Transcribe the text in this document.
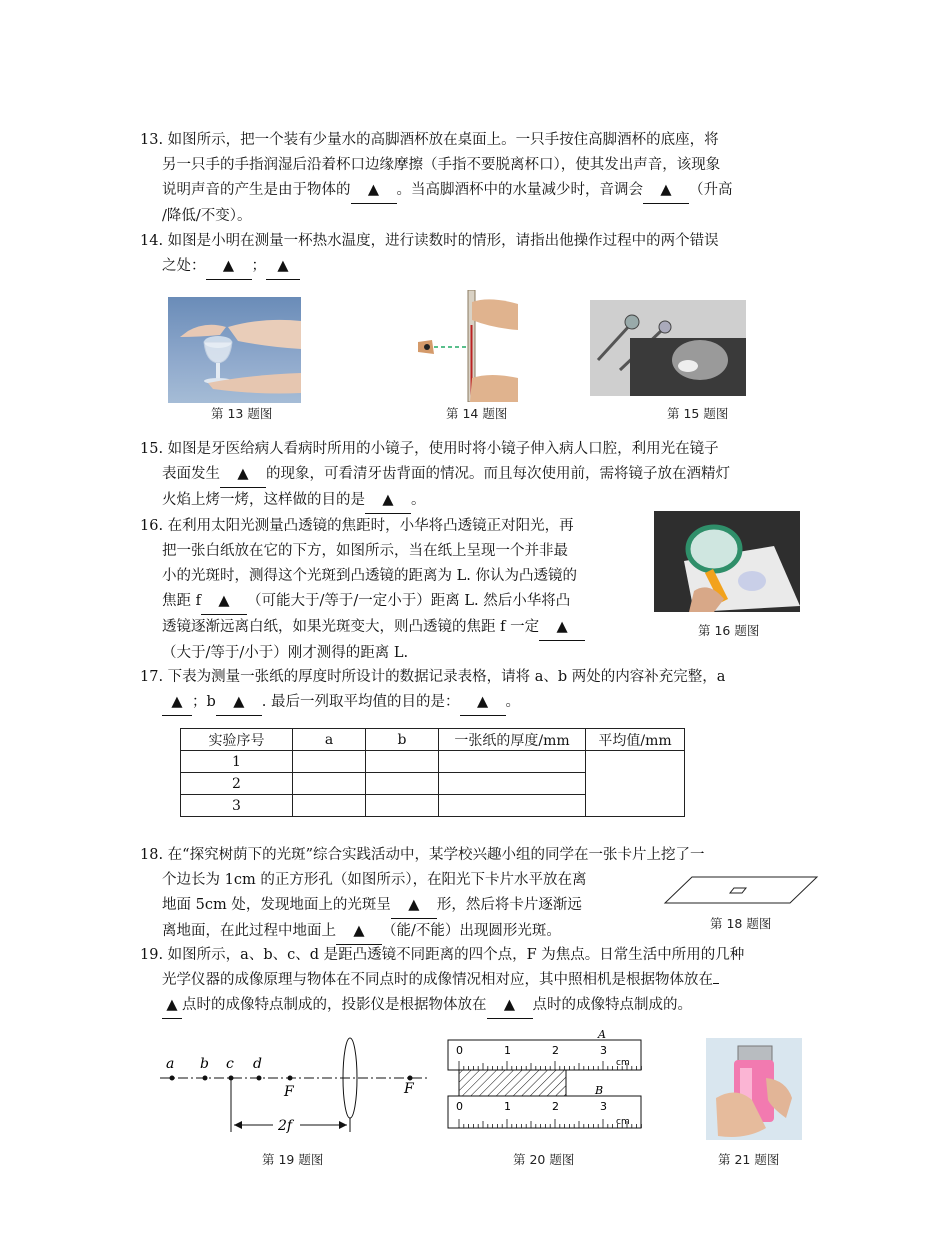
13. 如图所示，把一个装有少量水的高脚酒杯放在桌面上。一只手按住高脚酒杯的底座，将

另一只手的手指润湿后沿着杯口边缘摩擦（手指不要脱离杯口），使其发出声音，该现象
说明声音的产生是由于物体的 ▲ 。当高脚酒杯中的水量减少时，音调会 ▲ （升高
/降低/不变）。
14. 如图是小明在测量一杯热水温度，进行读数时的情形，请指出他操作过程中的两个错误

之处： ▲ ； ▲
第 13 题图	第 14 题图	第 15 题图
15. 如图是牙医给病人看病时所用的小镜子，使用时将小镜子伸入病人口腔，利用光在镜子

表面发生 ▲ 的现象，可看清牙齿背面的情况。而且每次使用前，需将镜子放在酒精灯
火焰上烤一烤，这样做的目的是 ▲ 。
16. 在利用太阳光测量凸透镜的焦距时，小华将凸透镜正对阳光，再

把一张白纸放在它的下方，如图所示，当在纸上呈现一个并非最
小的光斑时，测得这个光斑到凸透镜的距离为 L. 你认为凸透镜的
焦距 f ▲ （可能大于/等于/一定小于）距离 L. 然后小华将凸
透镜逐渐远离白纸，如果光斑变大，则凸透镜的焦距 f 一定 ▲
（大于/等于/小于）刚才测得的距离 L.
第 16 题图
17. 下表为测量一张纸的厚度时所设计的数据记录表格，请将 a、b 两处的内容补充完整，a

▲ ；b ▲ . 最后一列取平均值的目的是： ▲ 。
实验序号	a	b	一张纸的厚度/mm	平均值/mm
1				
2				
3				
18. 在“探究树荫下的光斑”综合实践活动中，某学校兴趣小组的同学在一张卡片上挖了一

个边长为 1cm 的正方形孔（如图所示），在阳光下卡片水平放在离
地面 5cm 处，发现地面上的光斑呈 ▲ 形，然后将卡片逐渐远
离地面，在此过程中地面上 ▲ （能/不能）出现圆形光斑。	第 18 题图
19. 如图所示，a、b、c、d 是距凸透镜不同距离的四个点，F 为焦点。日常生活中所用的几种

光学仪器的成像原理与物体在不同点时的成像情况相对应，其中照相机是根据物体放在
▲ 点时的成像特点制成的，投影仪是根据物体放在 ▲ 点时的成像特点制成的。
a b c d
F	F
2f
第 19 题图
0	1	2	3
cm
A
0	1	2	3
cm
B
第 20 题图	第 21 题图
